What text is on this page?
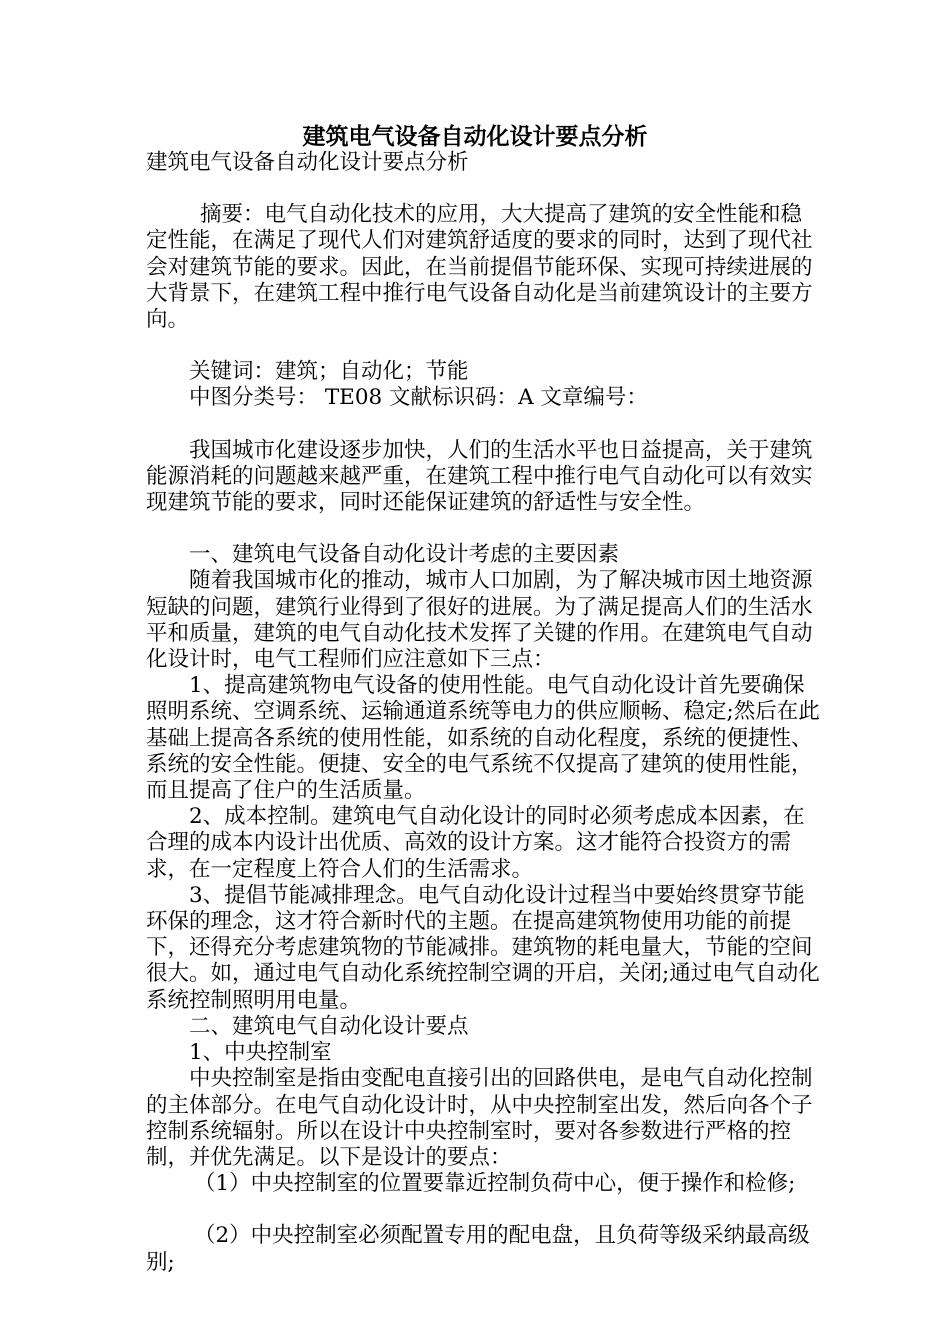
建筑电气设备自动化设计要点分析

建筑电气设备自动化设计要点分析

摘要：电气自动化技术的应用，大大提高了建筑的安全性能和稳定性能，在满足了现代人们对建筑舒适度的要求的同时，达到了现代社会对建筑节能的要求。因此，在当前提倡节能环保、实现可持续进展的大背景下，在建筑工程中推行电气设备自动化是当前建筑设计的主要方向。

关键词：建筑；自动化；节能

中图分类号： TE08 文献标识码：A 文章编号：

我国城市化建设逐步加快，人们的生活水平也日益提高，关于建筑能源消耗的问题越来越严重，在建筑工程中推行电气自动化可以有效实现建筑节能的要求，同时还能保证建筑的舒适性与安全性。

一、建筑电气设备自动化设计考虑的主要因素

随着我国城市化的推动，城市人口加剧，为了解决城市因土地资源短缺的问题，建筑行业得到了很好的进展。为了满足提高人们的生活水平和质量，建筑的电气自动化技术发挥了关键的作用。在建筑电气自动化设计时，电气工程师们应注意如下三点：

1、提高建筑物电气设备的使用性能。电气自动化设计首先要确保照明系统、空调系统、运输通道系统等电力的供应顺畅、稳定;然后在此基础上提高各系统的使用性能，如系统的自动化程度，系统的便捷性、系统的安全性能。便捷、安全的电气系统不仅提高了建筑的使用性能，而且提高了住户的生活质量。

2、成本控制。建筑电气自动化设计的同时必须考虑成本因素，在合理的成本内设计出优质、高效的设计方案。这才能符合投资方的需求，在一定程度上符合人们的生活需求。

3、提倡节能减排理念。电气自动化设计过程当中要始终贯穿节能环保的理念，这才符合新时代的主题。在提高建筑物使用功能的前提下，还得充分考虑建筑物的节能减排。建筑物的耗电量大，节能的空间很大。如，通过电气自动化系统控制空调的开启，关闭;通过电气自动化系统控制照明用电量。

二、建筑电气自动化设计要点

1、中央控制室

中央控制室是指由变配电直接引出的回路供电，是电气自动化控制的主体部分。在电气自动化设计时，从中央控制室出发，然后向各个子控制系统辐射。所以在设计中央控制室时，要对各参数进行严格的控制，并优先满足。以下是设计的要点：

（1）中央控制室的位置要靠近控制负荷中心，便于操作和检修;

（2）中央控制室必须配置专用的配电盘，且负荷等级采纳最高级别;
